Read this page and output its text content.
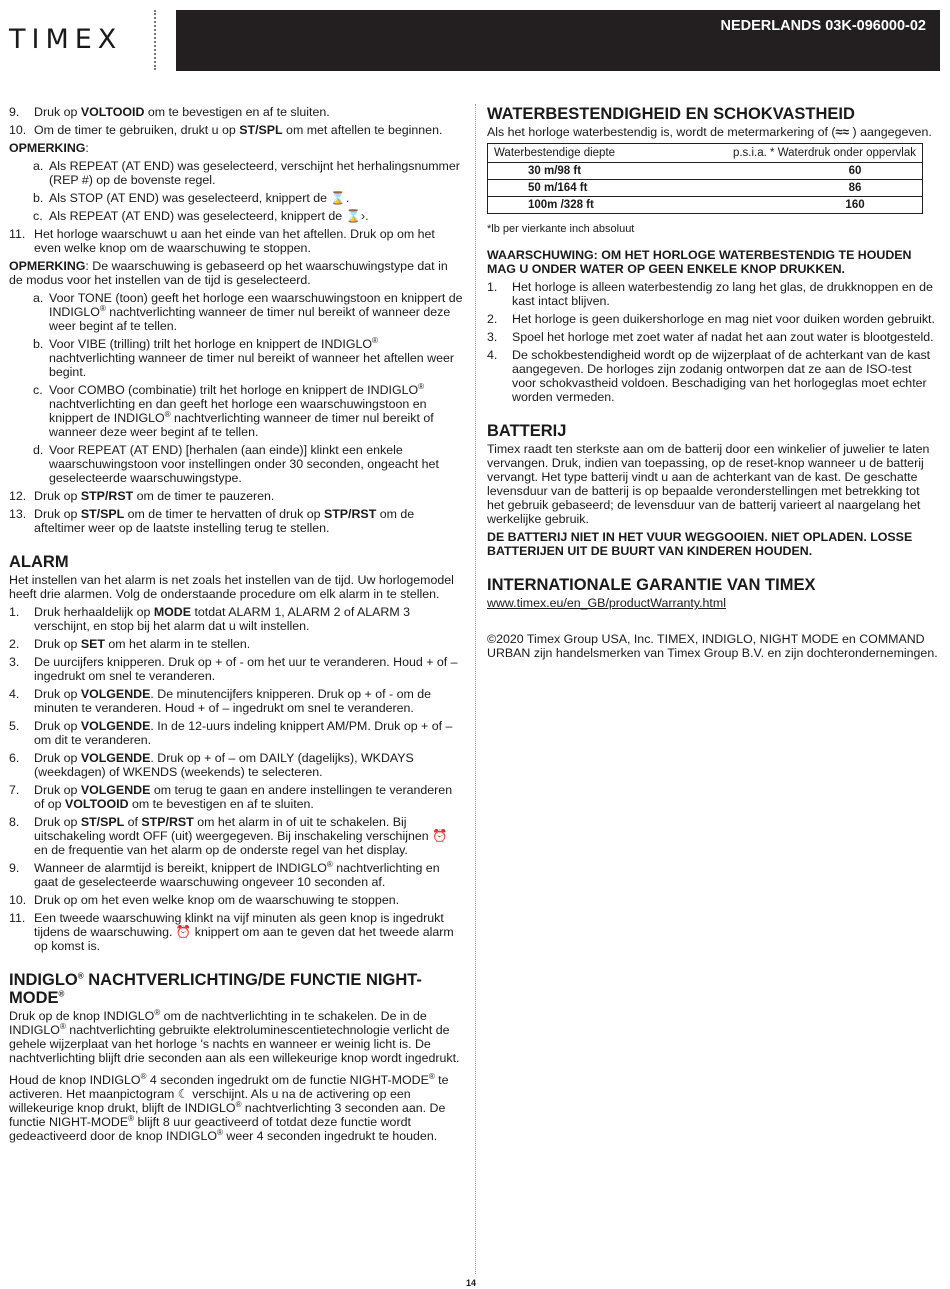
TIMEX	NEDERLANDS 03K-096000-02
9.	Druk op VOLTOOID om te bevestigen en af te sluiten.
10. Om de timer te gebruiken, drukt u op ST/SPL om met aftellen te beginnen.
OPMERKING:
a. Als REPEAT (AT END) was geselecteerd, verschijnt het herhalingsnummer (REP #) op de bovenste regel.
b. Als STOP (AT END) was geselecteerd, knippert de ⌛.
c. Als REPEAT (AT END) was geselecteerd, knippert de ⌛›.
11. Het horloge waarschuwt u aan het einde van het aftellen. Druk op om het even welke knop om de waarschuwing te stoppen.
OPMERKING: De waarschuwing is gebaseerd op het waarschuwingstype dat in de modus voor het instellen van de tijd is geselecteerd.
a. Voor TONE (toon) geeft het horloge een waarschuwingstoon en knippert de INDIGLO® nachtverlichting wanneer de timer nul bereikt of wanneer deze weer begint af te tellen.
b. Voor VIBE (trilling) trilt het horloge en knippert de INDIGLO® nachtverlichting wanneer de timer nul bereikt of wanneer het aftellen weer begint.
c. Voor COMBO (combinatie) trilt het horloge en knippert de INDIGLO® nachtverlichting en dan geeft het horloge een waarschuwingstoon en knippert de INDIGLO® nachtverlichting wanneer de timer nul bereikt of wanneer deze weer begint af te tellen.
d. Voor REPEAT (AT END) [herhalen (aan einde)] klinkt een enkele waarschuwingstoon voor instellingen onder 30 seconden, ongeacht het geselecteerde waarschuwingstype.
12. Druk op STP/RST om de timer te pauzeren.
13. Druk op ST/SPL om de timer te hervatten of druk op STP/RST om de afteltimer weer op de laatste instelling terug te stellen.
ALARM

Het instellen van het alarm is net zoals het instellen van de tijd. Uw horlogemodel heeft drie alarmen. Volg de onderstaande procedure om elk alarm in te stellen.

1.	Druk herhaaldelijk op MODE totdat ALARM 1, ALARM 2 of ALARM 3 verschijnt, en stop bij het alarm dat u wilt instellen.
2.	Druk op SET om het alarm in te stellen.
3.	De uurcijfers knipperen. Druk op + of - om het uur te veranderen. Houd + of – ingedrukt om snel te veranderen.
4.	Druk op VOLGENDE. De minutencijfers knipperen. Druk op + of - om de minuten te veranderen. Houd + of – ingedrukt om snel te veranderen.
5.	Druk op VOLGENDE. In de 12-uurs indeling knippert AM/PM. Druk op + of – om dit te veranderen.
6.	Druk op VOLGENDE. Druk op + of – om DAILY (dagelijks), WKDAYS (weekdagen) of WKENDS (weekends) te selecteren.
7.	Druk op VOLGENDE om terug te gaan en andere instellingen te veranderen of op VOLTOOID om te bevestigen en af te sluiten.
8.	Druk op ST/SPL of STP/RST om het alarm in of uit te schakelen. Bij uitschakeling wordt OFF (uit) weergegeven. Bij inschakeling verschijnen ⏰ en de frequentie van het alarm op de onderste regel van het display.
9.	Wanneer de alarmtijd is bereikt, knippert de INDIGLO® nachtverlichting en gaat de geselecteerde waarschuwing ongeveer 10 seconden af.
10. Druk op om het even welke knop om de waarschuwing te stoppen.
11. Een tweede waarschuwing klinkt na vijf minuten als geen knop is ingedrukt tijdens de waarschuwing. ⏰ knippert om aan te geven dat het tweede alarm op komst is.
INDIGLO® NACHTVERLICHTING/DE FUNCTIE NIGHT-MODE®

Druk op de knop INDIGLO® om de nachtverlichting in te schakelen. De in de INDIGLO® nachtverlichting gebruikte elektroluminescentietechnologie verlicht de gehele wijzerplaat van het horloge 's nachts en wanneer er weinig licht is. De nachtverlichting blijft drie seconden aan als een willekeurige knop wordt ingedrukt.

Houd de knop INDIGLO® 4 seconden ingedrukt om de functie NIGHT-MODE® te activeren. Het maanpictogram ☾ verschijnt. Als u na de activering op een willekeurige knop drukt, blijft de INDIGLO® nachtverlichting 3 seconden aan. De functie NIGHT-MODE® blijft 8 uur geactiveerd of totdat deze functie wordt gedeactiveerd door de knop INDIGLO® weer 4 seconden ingedrukt te houden.

WATERBESTENDIGHEID EN SCHOKVASTHEID

Als het horloge waterbestendig is, wordt de metermarkering of (≈≈ ) aangegeven.

Waterbestendige diepte	p.s.i.a. * Waterdruk onder oppervlak
30 m/98 ft	60
50 m/164 ft	86
100m /328 ft	160
*lb per vierkante inch absoluut
WAARSCHUWING: OM HET HORLOGE WATERBESTENDIG TE HOUDEN MAG U ONDER WATER OP GEEN ENKELE KNOP DRUKKEN.
1.	Het horloge is alleen waterbestendig zo lang het glas, de drukknoppen en de kast intact blijven.
2.	Het horloge is geen duikershorloge en mag niet voor duiken worden gebruikt.
3.	Spoel het horloge met zoet water af nadat het aan zout water is blootgesteld.
4.	De schokbestendigheid wordt op de wijzerplaat of de achterkant van de kast aangegeven. De horloges zijn zodanig ontworpen dat ze aan de ISO-test voor schokvastheid voldoen. Beschadiging van het horlogeglas moet echter worden vermeden.
BATTERIJ

Timex raadt ten sterkste aan om de batterij door een winkelier of juwelier te laten vervangen. Druk, indien van toepassing, op de reset-knop wanneer u de batterij vervangt. Het type batterij vindt u aan de achterkant van de kast. De geschatte levensduur van de batterij is op bepaalde veronderstellingen met betrekking tot het gebruik gebaseerd; de levensduur van de batterij varieert al naargelang het werkelijke gebruik.

DE BATTERIJ NIET IN HET VUUR WEGGOOIEN. NIET OPLADEN. LOSSE BATTERIJEN UIT DE BUURT VAN KINDEREN HOUDEN.
INTERNATIONALE GARANTIE VAN TIMEX
www.timex.eu/en_GB/productWarranty.html

©2020 Timex Group USA, Inc. TIMEX, INDIGLO, NIGHT MODE en COMMAND URBAN zijn handelsmerken van Timex Group B.V. en zijn dochterondernemingen.

14
